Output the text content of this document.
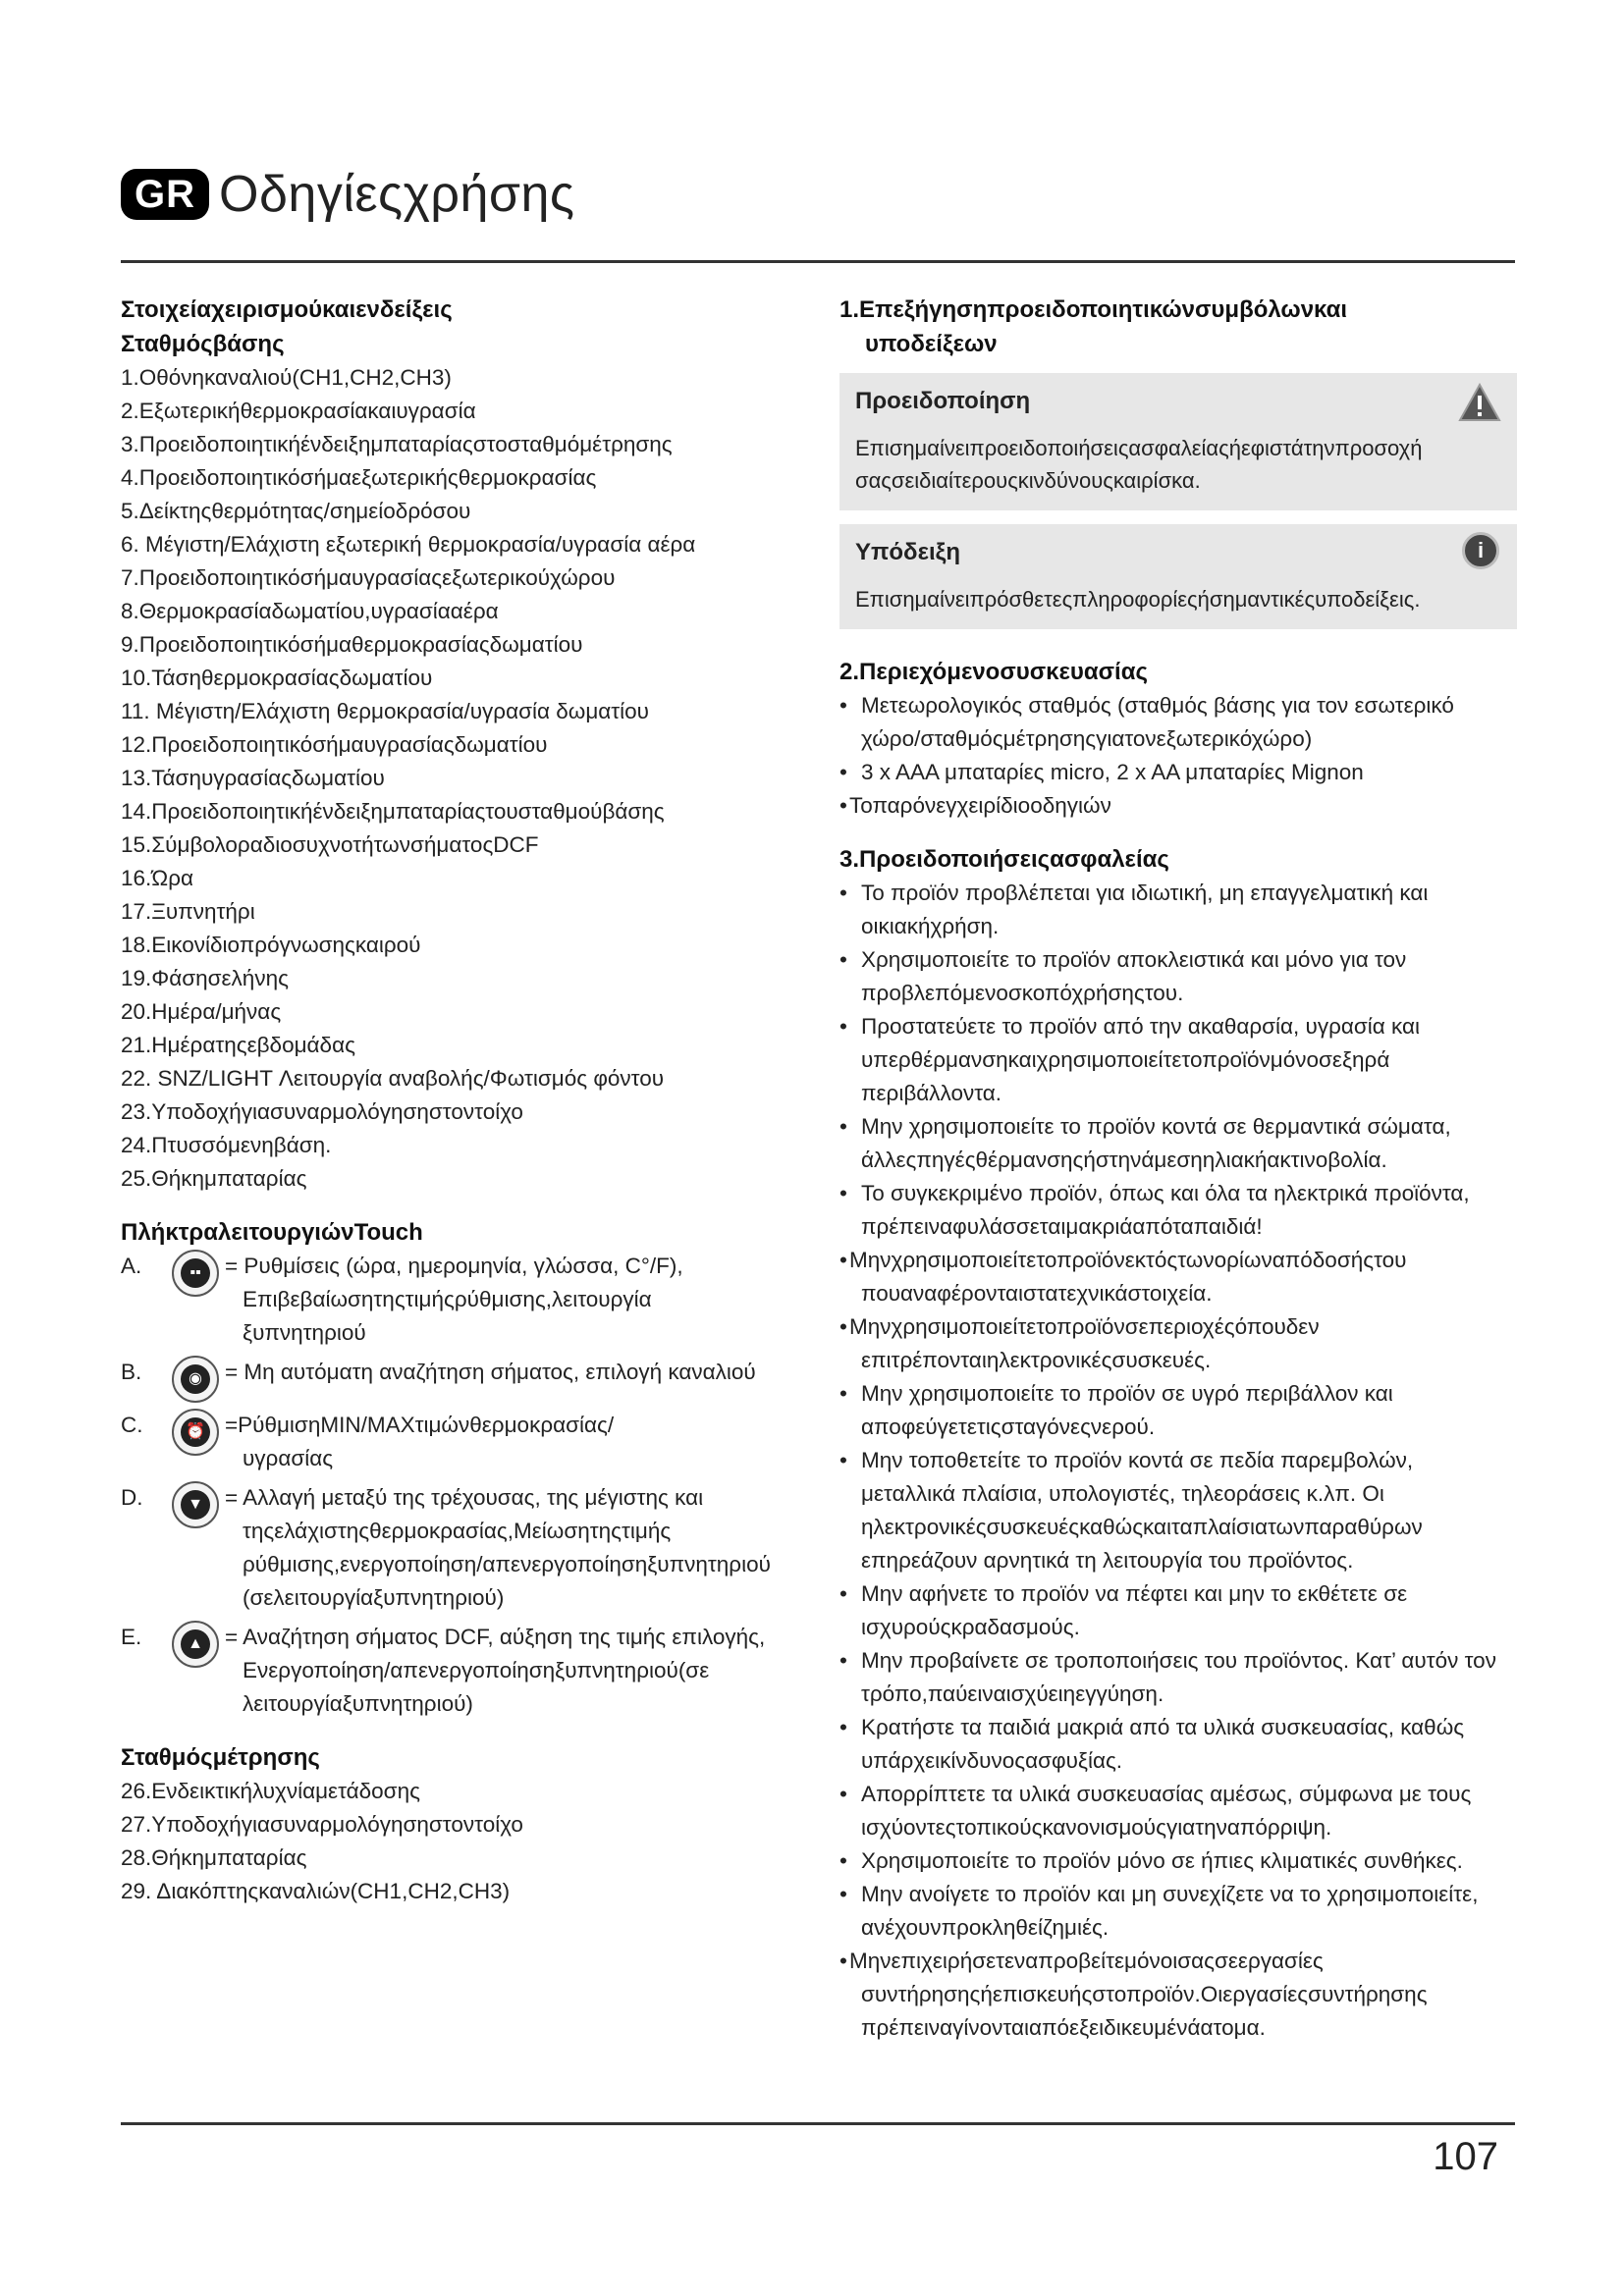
GR Οδηγίεςχρήσης
Στοιχείαχειρισμούκαιενδείξεις
Σταθμόςβάσης
1.Οθόνηκαναλιού(CH1,CH2,CH3)
2.Εξωτερικήθερμοκρασίακαιυγρασία
3.Προειδοποιητικήένδειξημπαταρίαςστοσταθμόμέτρησης
4.Προειδοποιητικόσήμαεξωτερικήςθερμοκρασίας
5.Δείκτηςθερμότητας/σημείοδρόσου
6. Μέγιστη/Ελάχιστη εξωτερική θερμοκρασία/υγρασία αέρα
7.Προειδοποιητικόσήμαυγρασίαςεξωτερικούχώρου
8.Θερμοκρασίαδωματίου,υγρασίααέρα
9.Προειδοποιητικόσήμαθερμοκρασίαςδωματίου
10.Τάσηθερμοκρασίαςδωματίου
11. Μέγιστη/Ελάχιστη θερμοκρασία/υγρασία δωματίου
12.Προειδοποιητικόσήμαυγρασίαςδωματίου
13.Τάσηυγρασίαςδωματίου
14.Προειδοποιητικήένδειξημπαταρίαςτουσταθμούβάσης
15.ΣύμβολοραδιοσυχνοτήτωνσήματοςDCF
16.Ώρα
17.Ξυπνητήρι
18.Εικονίδιοπρόγνωσηςκαιρού
19.Φάσησελήνης
20.Ημέρα/μήνας
21.Ημέρατηςεβδομάδας
22. SNZ/LIGHT Λειτουργία αναβολής/Φωτισμός φόντου
23.Υποδοχήγιασυναρμολόγησηστοντοίχο
24.Πτυσσόμενηβάση.
25.Θήκημπαταρίας
ΠλήκτραλειτουργιώνTouch
A.	▪▪	= Ρυθμίσεις (ώρα, ημερομηνία, γλώσσα, C°/F),
Επιβεβαίωσητηςτιμήςρύθμισης,λειτουργία
ξυπνητηριού
B.	◉	= Μη αυτόματη αναζήτηση σήματος, επιλογή καναλιού
C.	⏰ =ΡύθμισηMIN/MAXτιμώνθερμοκρασίας/
υγρασίας
D.	▼ = Αλλαγή μεταξύ της τρέχουσας, της μέγιστης και
τηςελάχιστηςθερμοκρασίας,Μείωσητηςτιμής
ρύθμισης,ενεργοποίηση/απενεργοποίησηξυπνητηριού
(σελειτουργίαξυπνητηριού)
E.	▲ = Αναζήτηση σήματος DCF, αύξηση της τιμής επιλογής,
Ενεργοποίηση/απενεργοποίησηξυπνητηριού(σε
λειτουργίαξυπνητηριού)
Σταθμόςμέτρησης
26.Ενδεικτικήλυχνίαμετάδοσης
27.Υποδοχήγιασυναρμολόγησηστοντοίχο
28.Θήκημπαταρίας
29. Διακόπτηςκαναλιών(CH1,CH2,CH3)
1.Επεξήγησηπροειδοποιητικώνσυμβόλωνκαι
υποδείξεων
Προειδοποίηση
Επισημαίνειπροειδοποιήσειςασφαλείαςήεφιστάτηνπροσοχή
σαςσειδιαίτερουςκινδύνουςκαιρίσκα.
i
Υπόδειξη
Επισημαίνειπρόσθετεςπληροφορίεςήσημαντικέςυποδείξεις.
2.Περιεχόμενοσυσκευασίας
• Μετεωρολογικός σταθμός (σταθμός βάσης για τον εσωτερικό
χώρο/σταθμόςμέτρησηςγιατονεξωτερικόχώρο)
• 3 x AAA μπαταρίες micro, 2 x AA μπαταρίες Mignon
• Τοπαρόνεγχειρίδιοοδηγιών
3.Προειδοποιήσειςασφαλείας
• Το προϊόν προβλέπεται για ιδιωτική, μη επαγγελματική και
οικιακήχρήση.
• Χρησιμοποιείτε το προϊόν αποκλειστικά και μόνο για τον
προβλεπόμενοσκοπόχρήσηςτου.
• Προστατεύετε το προϊόν από την ακαθαρσία, υγρασία και
υπερθέρμανσηκαιχρησιμοποιείτετοπροϊόνμόνοσεξηρά
περιβάλλοντα.
• Μην χρησιμοποιείτε το προϊόν κοντά σε θερμαντικά σώματα,
άλλεςπηγέςθέρμανσηςήστηνάμεσηηλιακήακτινοβολία.
• Το συγκεκριμένο προϊόν, όπως και όλα τα ηλεκτρικά προϊόντα,
πρέπειναφυλάσσεταιμακριάαπόταπαιδιά!
• Μηνχρησιμοποιείτετοπροϊόνεκτόςτωνορίωναπόδοσήςτου
πουαναφέρονταιστατεχνικάστοιχεία.
• Μηνχρησιμοποιείτετοπροϊόνσεπεριοχέςόπουδεν
επιτρέπονταιηλεκτρονικέςσυσκευές.
• Μην χρησιμοποιείτε το προϊόν σε υγρό περιβάλλον και
αποφεύγετετιςσταγόνεςνερού.
• Μην τοποθετείτε το προϊόν κοντά σε πεδία παρεμβολών,
μεταλλικά πλαίσια, υπολογιστές, τηλεοράσεις κ.λπ. Οι
ηλεκτρονικέςσυσκευέςκαθώςκαιταπλαίσιατωνπαραθύρων
επηρεάζουν αρνητικά τη λειτουργία του προϊόντος.
• Μην αφήνετε το προϊόν να πέφτει και μην το εκθέτετε σε
ισχυρούςκραδασμούς.
• Μην προβαίνετε σε τροποποιήσεις του προϊόντος. Κατ’ αυτόν τον
τρόπο,παύειναισχύειηεγγύηση.
• Κρατήστε τα παιδιά μακριά από τα υλικά συσκευασίας, καθώς
υπάρχεικίνδυνοςασφυξίας.
• Απορρίπτετε τα υλικά συσκευασίας αμέσως, σύμφωνα με τους
ισχύοντεςτοπικούςκανονισμούςγιατηναπόρριψη.
• Χρησιμοποιείτε το προϊόν μόνο σε ήπιες κλιματικές συνθήκες.
• Μην ανοίγετε το προϊόν και μη συνεχίζετε να το χρησιμοποιείτε,
ανέχουνπροκληθείζημιές.
• Μηνεπιχειρήσετεναπροβείτεμόνοισαςσεεργασίες
συντήρησηςήεπισκευήςστοπροϊόν.Οιεργασίεςσυντήρησης
πρέπειναγίνονταιαπόεξειδικευμένάατομα.
107
